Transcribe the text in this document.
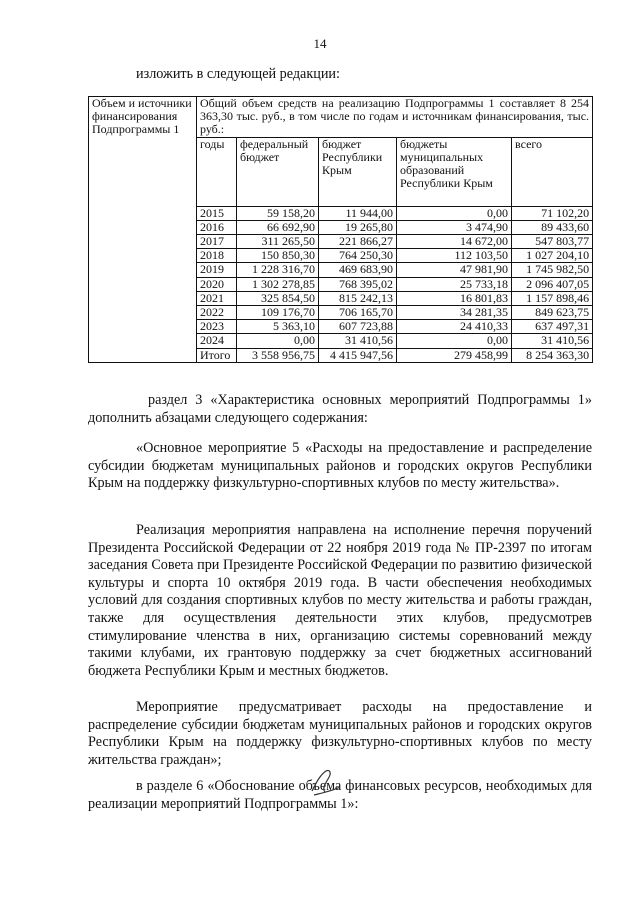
14
изложить в следующей редакции:
Объем и источники финансирования Подпрограммы 1	Общий объем средств на реализацию Подпрограммы 1 составляет 8 254 363,30 тыс. руб., в том числе по годам и источникам финансирования, тыс. руб.:				
	годы	федеральный бюджет	бюджет Республики Крым	бюджеты муниципальных образований Республики Крым	всего
	2015	59 158,20	11 944,00	0,00	71 102,20
	2016	66 692,90	19 265,80	3 474,90	89 433,60
	2017	311 265,50	221 866,27	14 672,00	547 803,77
	2018	150 850,30	764 250,30	112 103,50	1 027 204,10
	2019	1 228 316,70	469 683,90	47 981,90	1 745 982,50
	2020	1 302 278,85	768 395,02	25 733,18	2 096 407,05
	2021	325 854,50	815 242,13	16 801,83	1 157 898,46
	2022	109 176,70	706 165,70	34 281,35	849 623,75
	2023	5 363,10	607 723,88	24 410,33	637 497,31
	2024	0,00	31 410,56	0,00	31 410,56
	Итого	3 558 956,75	4 415 947,56	279 458,99	8 254 363,30
раздел 3 «Характеристика основных мероприятий Подпрограммы 1» дополнить абзацами следующего содержания:
«Основное мероприятие 5 «Расходы на предоставление и распределение субсидии бюджетам муниципальных районов и городских округов Республики Крым на поддержку физкультурно-спортивных клубов по месту жительства».
Реализация мероприятия направлена на исполнение перечня поручений Президента Российской Федерации от 22 ноября 2019 года № ПР-2397 по итогам заседания Совета при Президенте Российской Федерации по развитию физической культуры и спорта 10 октября 2019 года. В части обеспечения необходимых условий для создания спортивных клубов по месту жительства и работы граждан, также для осуществления деятельности этих клубов, предусмотрев стимулирование членства в них, организацию системы соревнований между такими клубами, их грантовую поддержку за счет бюджетных ассигнований бюджета Республики Крым и местных бюджетов.
Мероприятие предусматривает расходы на предоставление и распределение субсидии бюджетам муниципальных районов и городских округов Республики Крым на поддержку физкультурно-спортивных клубов по месту жительства граждан»;
в разделе 6 «Обоснование объема финансовых ресурсов, необходимых для реализации мероприятий Подпрограммы 1»:
